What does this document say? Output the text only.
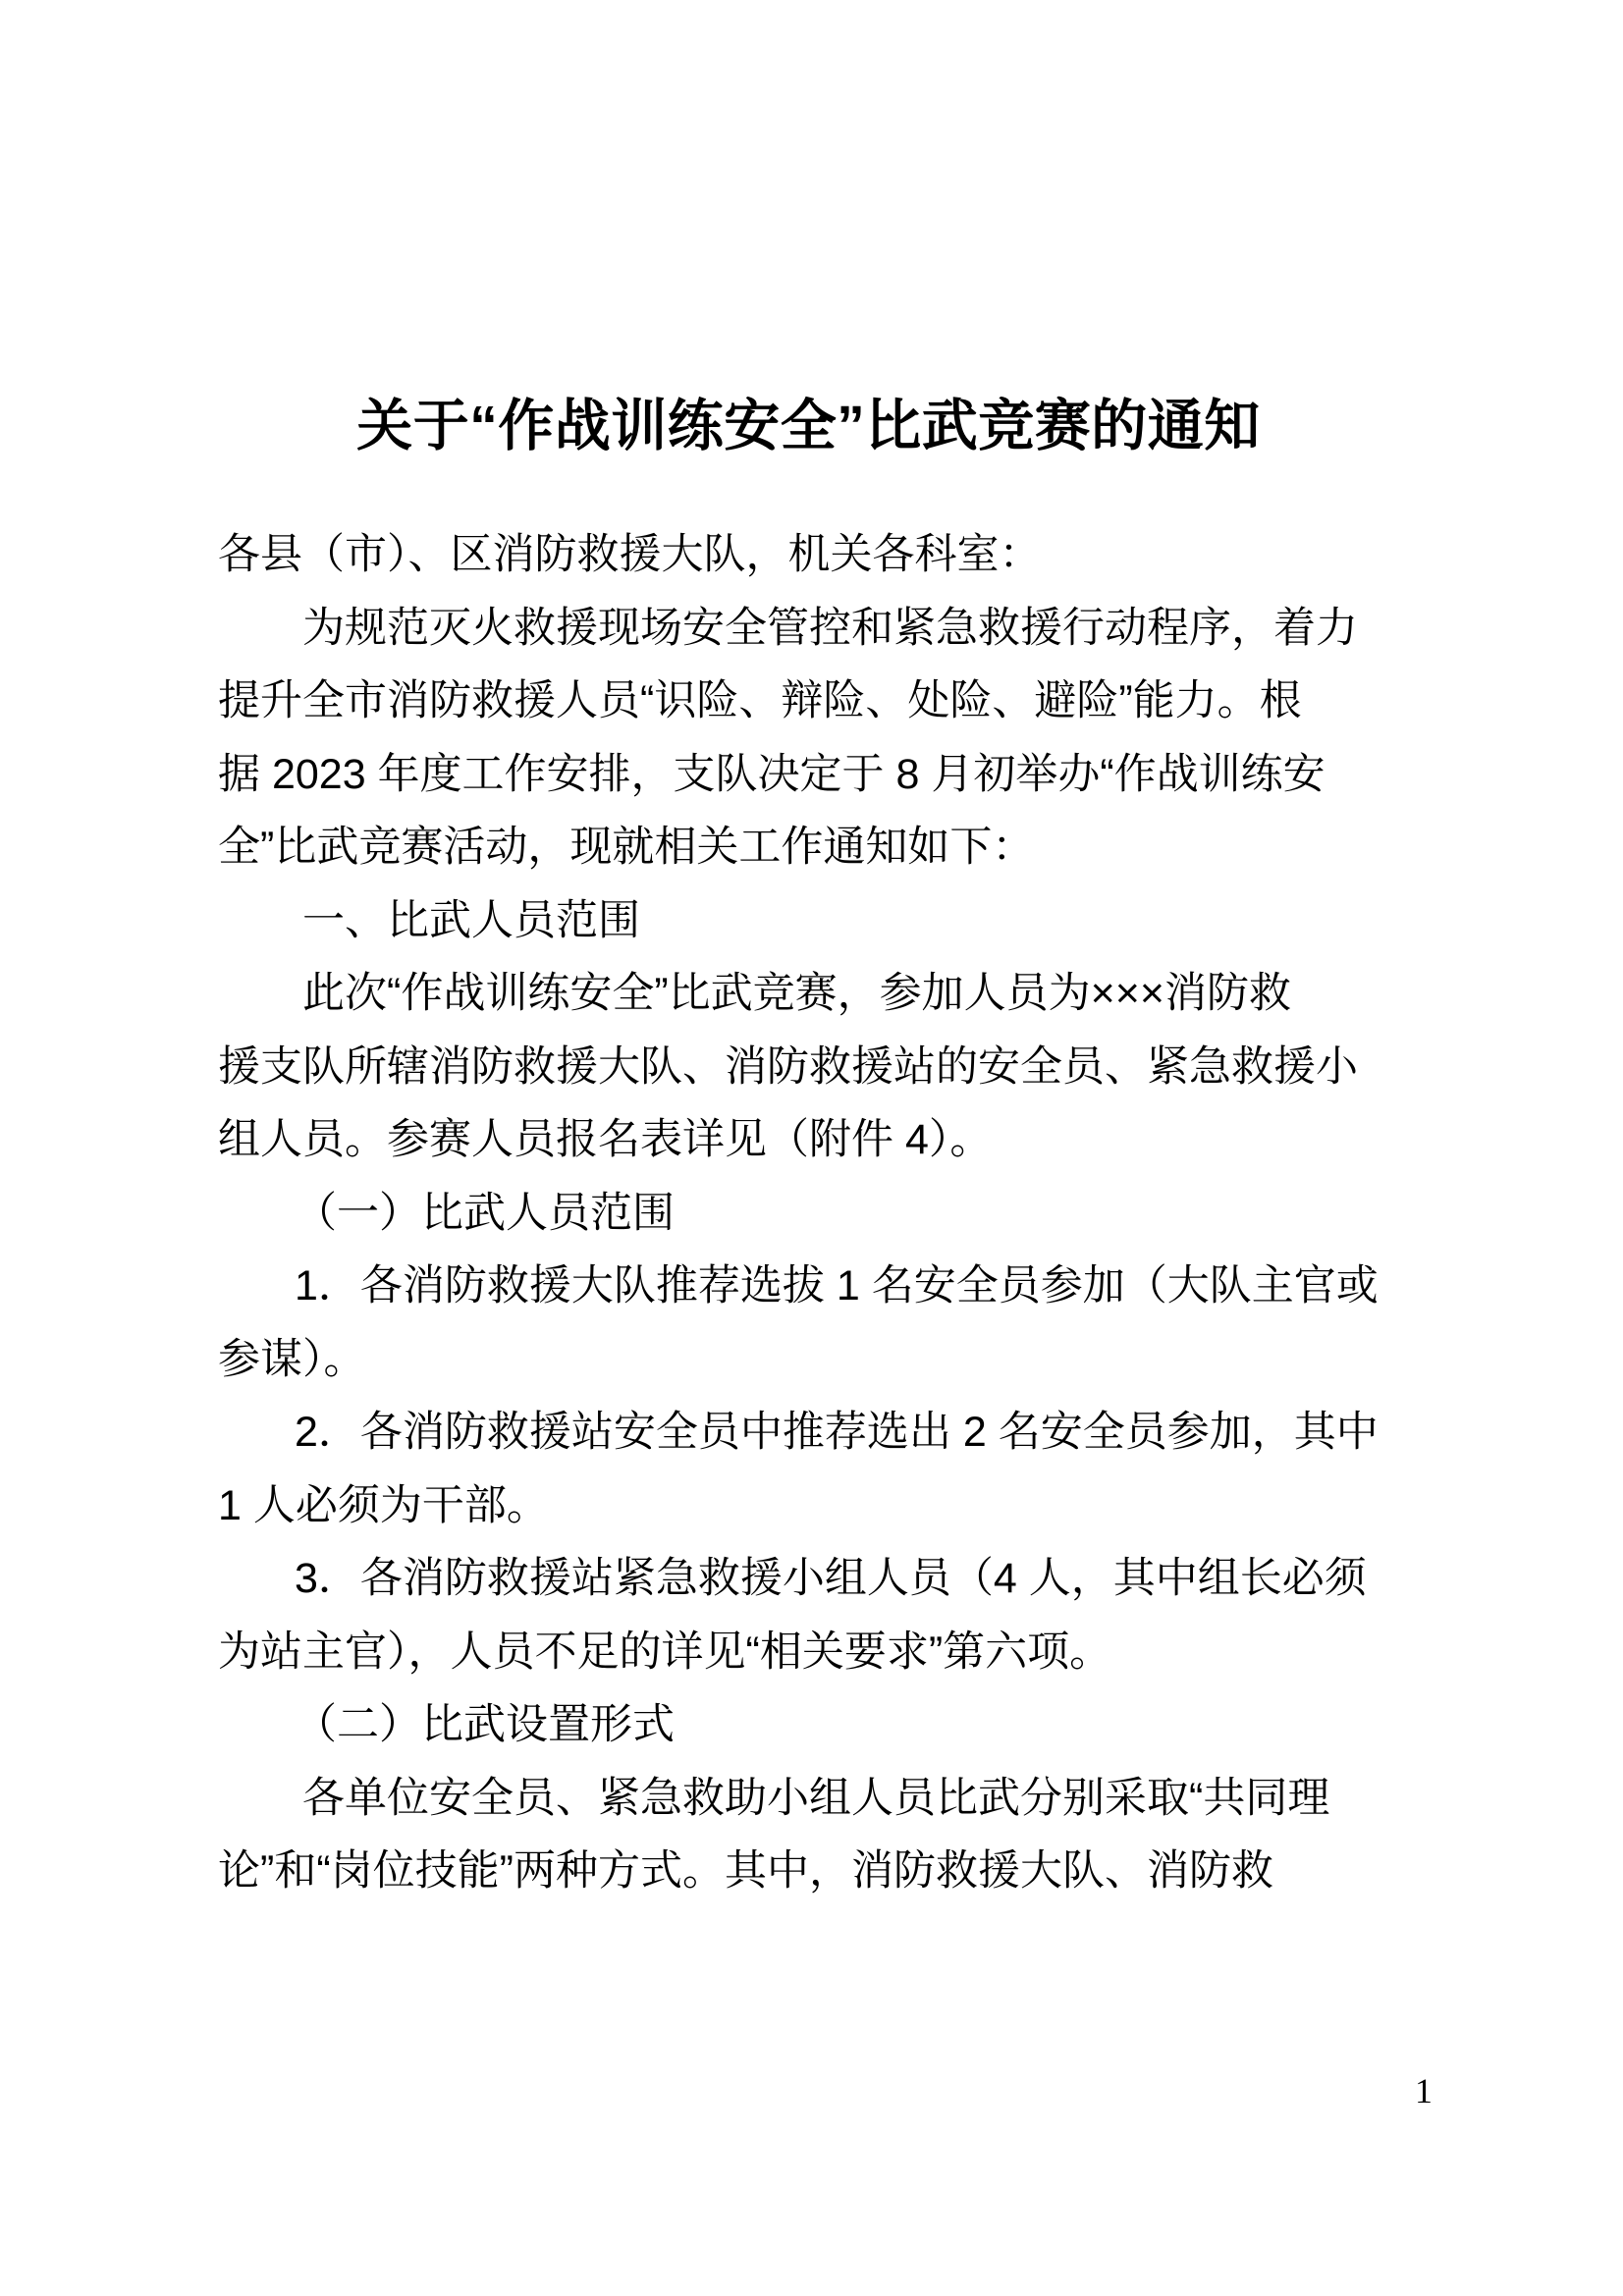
关于“作战训练安全”比武竞赛的通知
各县（市）、区消防救援大队，机关各科室：
为规范灭火救援现场安全管控和紧急救援行动程序，着力
提升全市消防救援人员“识险、辩险、处险、避险”能力。根
据 2023 年度工作安排，支队决定于 8 月初举办“作战训练安
全”比武竞赛活动，现就相关工作通知如下：
一、比武人员范围
此次“作战训练安全”比武竞赛，参加人员为×××消防救
援支队所辖消防救援大队、消防救援站的安全员、紧急救援小
组人员。参赛人员报名表详见（附件 4）。
（一）比武人员范围
1．各消防救援大队推荐选拔 1 名安全员参加（大队主官或
参谋）。
2．各消防救援站安全员中推荐选出 2 名安全员参加，其中
1 人必须为干部。
3．各消防救援站紧急救援小组人员（4 人，其中组长必须
为站主官），人员不足的详见“相关要求”第六项。
（二）比武设置形式
各单位安全员、紧急救助小组人员比武分别采取“共同理
论”和“岗位技能”两种方式。其中，消防救援大队、消防救
1
